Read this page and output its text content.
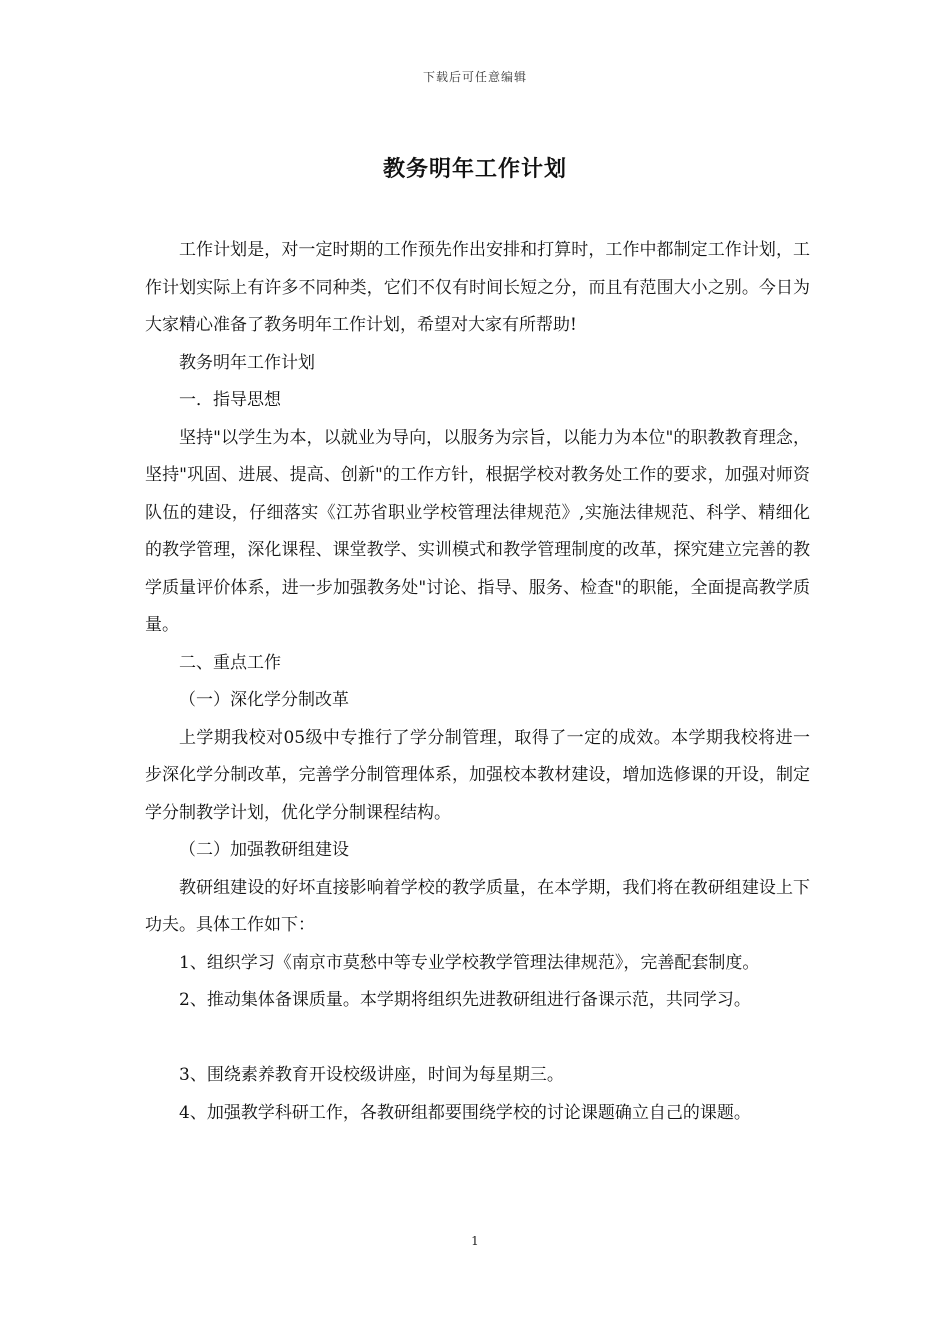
下载后可任意编辑
教务明年工作计划

工作计划是，对一定时期的工作预先作出安排和打算时，工作中都制定工作计划，工作计划实际上有许多不同种类，它们不仅有时间长短之分，而且有范围大小之别。今日为大家精心准备了教务明年工作计划，希望对大家有所帮助!

教务明年工作计划

一．指导思想

坚持"以学生为本，以就业为导向，以服务为宗旨，以能力为本位"的职教教育理念，坚持"巩固、进展、提高、创新"的工作方针，根据学校对教务处工作的要求，加强对师资队伍的建设，仔细落实《江苏省职业学校管理法律规范》,实施法律规范、科学、精细化的教学管理，深化课程、课堂教学、实训模式和教学管理制度的改革，探究建立完善的教学质量评价体系，进一步加强教务处"讨论、指导、服务、检查"的职能，全面提高教学质量。

二、重点工作

（一）深化学分制改革

上学期我校对05级中专推行了学分制管理，取得了一定的成效。本学期我校将进一步深化学分制改革，完善学分制管理体系，加强校本教材建设，增加选修课的开设，制定学分制教学计划，优化学分制课程结构。

（二）加强教研组建设

教研组建设的好坏直接影响着学校的教学质量，在本学期，我们将在教研组建设上下功夫。具体工作如下：

1、组织学习《南京市莫愁中等专业学校教学管理法律规范》，完善配套制度。

2、推动集体备课质量。本学期将组织先进教研组进行备课示范，共同学习。

3、围绕素养教育开设校级讲座，时间为每星期三。

4、加强教学科研工作，各教研组都要围绕学校的讨论课题确立自己的课题。

1
